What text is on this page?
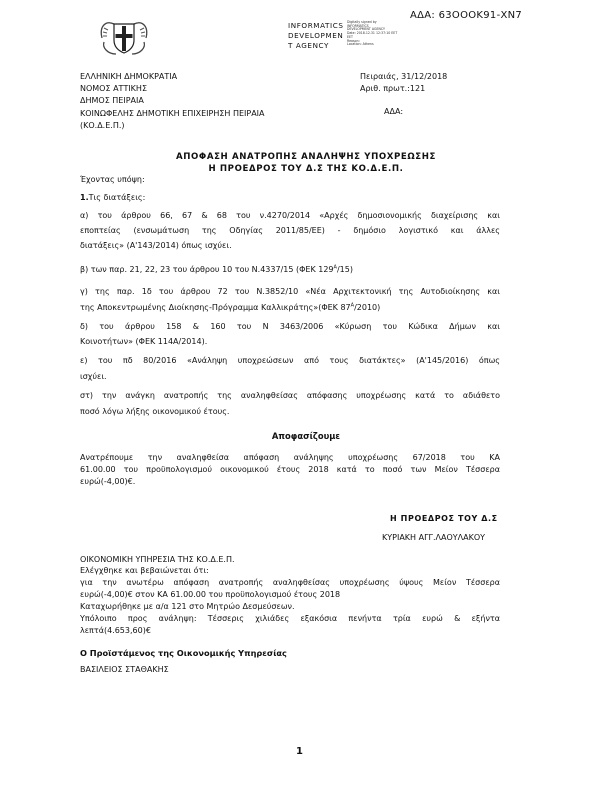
ΑΔΑ: 63ΟΟΟΚ91-ΧΝ7
INFORMATICS
DEVELOPMEN
T AGENCY
Digitally signed by
INFORMATICS
DEVELOPMENT AGENCY
Date: 2018.12.31 12:37:10 EET
EET
Reason:
Location: Athens
ΕΛΛΗΝΙΚΗ ΔΗΜΟΚΡΑΤΙΑ
ΝΟΜΟΣ ΑΤΤΙΚΗΣ
ΔΗΜΟΣ ΠΕΙΡΑΙΑ
ΚΟΙΝΩΦΕΛΗΣ ΔΗΜΟΤΙΚΗ ΕΠΙΧΕΙΡΗΣΗ ΠΕΙΡΑΙΑ
(ΚΟ.Δ.Ε.Π.)
Πειραιάς, 31/12/2018
Αριθ. πρωτ.:121
ΑΔΑ:
ΑΠΟΦΑΣΗ ΑΝΑΤΡΟΠΗΣ ΑΝΑΛΗΨΗΣ ΥΠΟΧΡΕΩΣΗΣ
Η ΠΡΟΕΔΡΟΣ ΤΟΥ Δ.Σ ΤΗΣ ΚΟ.Δ.Ε.Π.
Έχοντας υπόψη:
1.Τις διατάξεις:
α) του άρθρου 66, 67 & 68 του ν.4270/2014 «Αρχές δημοσιονομικής διαχείρισης και
εποπτείας (ενσωμάτωση της Οδηγίας 2011/85/ΕΕ) - δημόσιο λογιστικό και άλλες
διατάξεις» (Α'143/2014) όπως ισχύει.
β) των παρ. 21, 22, 23 του άρθρου 10 του Ν.4337/15 (ΦΕΚ $129^A/15$)
γ) της παρ. 1δ του άρθρου 72 του Ν.3852/10 «Νέα Αρχιτεκτονική της Αυτοδιοίκησης και
της Αποκεντρωμένης Διοίκησης-Πρόγραμμα Καλλικράτης»(ΦΕΚ $87^A/2010$)
δ) του άρθρου 158 & 160 του Ν 3463/2006 «Κύρωση του Κώδικα Δήμων και
Κοινοτήτων» (ΦΕΚ 114Α/2014).
ε) του πδ 80/2016 «Ανάληψη υποχρεώσεων από τους διατάκτες» (Α'145/2016) όπως
ισχύει.
στ) την ανάγκη ανατροπής της αναληφθείσας απόφασης υποχρέωσης κατά το αδιάθετο
ποσό λόγω λήξης οικονομικού έτους.
Αποφασίζουμε
Ανατρέπουμε την αναληφθείσα απόφαση ανάληψης υποχρέωσης 67/2018 του ΚΑ
61.00.00 του προϋπολογισμού οικονομικού έτους 2018 κατά το ποσό των Μείον Τέσσερα
ευρώ(-4,00)€.
Η ΠΡΟΕΔΡΟΣ ΤΟΥ Δ.Σ
ΚΥΡΙΑΚΗ ΑΓΓ.ΛΑΟΥΛΑΚΟΥ
ΟΙΚΟΝΟΜΙΚΗ ΥΠΗΡΕΣΙΑ ΤΗΣ ΚΟ.Δ.Ε.Π.
Ελέγχθηκε και βεβαιώνεται ότι:
για την ανωτέρω απόφαση ανατροπής αναληφθείσας υποχρέωσης ύψους Μείον Τέσσερα
ευρώ(-4,00)€ στον ΚΑ 61.00.00 του προϋπολογισμού έτους 2018
Καταχωρήθηκε με α/α 121 στο Μητρώο Δεσμεύσεων.
Υπόλοιπο προς ανάληψη: Τέσσερις χιλιάδες εξακόσια πενήντα τρία ευρώ & εξήντα
λεπτά(4.653,60)€
Ο Προϊστάμενος της Οικονομικής Υπηρεσίας
ΒΑΣΙΛΕΙΟΣ ΣΤΑΘΑΚΗΣ
1
